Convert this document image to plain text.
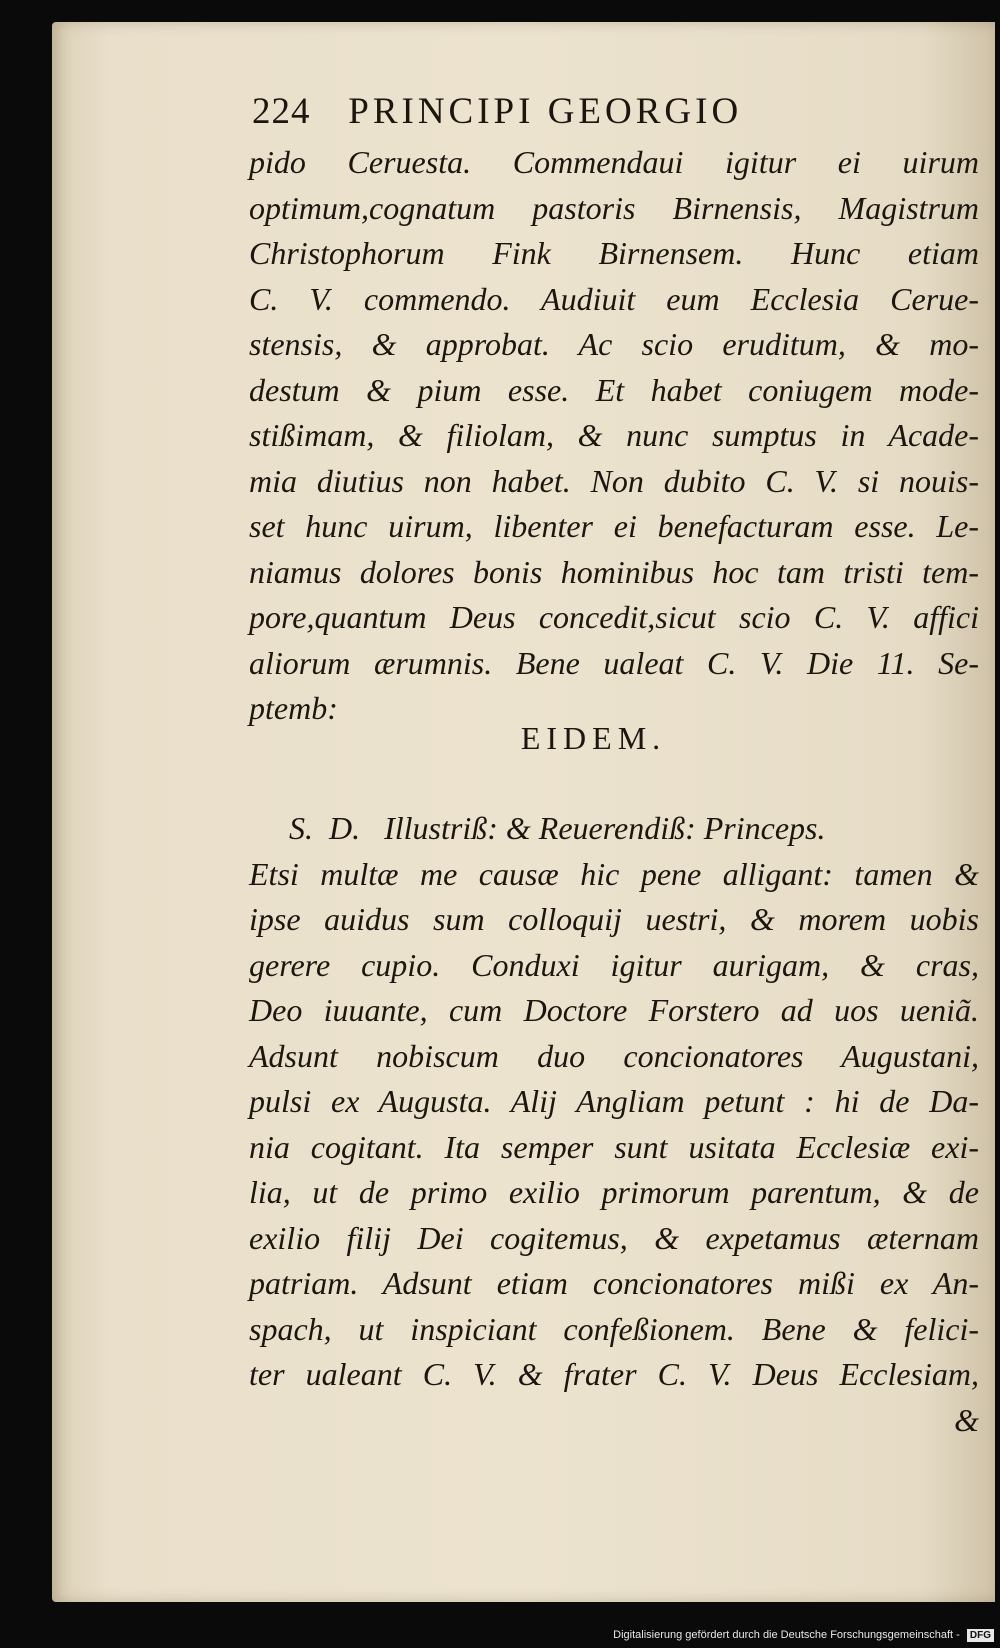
224 PRINCIPI GEORGIO
pido Ceruesta. Commendaui igitur ei uirum
optimum,cognatum pastoris Birnensis, Magistrum
Christophorum Fink Birnensem. Hunc etiam
C. V. commendo. Audiuit eum Ecclesia Cerue-
stensis, & approbat. Ac scio eruditum, & mo-
destum & pium esse. Et habet coniugem mode-
stißimam, & filiolam, & nunc sumptus in Acade-
mia diutius non habet. Non dubito C. V. si nouis-
set hunc uirum, libenter ei benefacturam esse. Le-
niamus dolores bonis hominibus hoc tam tristi tem-
pore,quantum Deus concedit,sicut scio C. V. affici
aliorum ærumnis. Bene ualeat C. V. Die 11. Se-
ptemb:
EIDEM.
S.  D.   Illustriß: & Reuerendiß: Princeps.
Etsi multæ me causæ hic pene alligant: tamen &
ipse auidus sum colloquij uestri, & morem uobis
gerere cupio. Conduxi igitur aurigam, & cras,
Deo iuuante, cum Doctore Forstero ad uos ueniã.
Adsunt nobiscum duo concionatores Augustani,
pulsi ex Augusta. Alij Angliam petunt : hi de Da-
nia cogitant. Ita semper sunt usitata Ecclesiæ exi-
lia, ut de primo exilio primorum parentum, & de
exilio filij Dei cogitemus, & expetamus æternam
patriam. Adsunt etiam concionatores mißi ex An-
spach, ut inspiciant confeßionem. Bene & felici-
ter ualeant C. V. & frater C. V. Deus Ecclesiam,
&
Digitalisierung gefördert durch die Deutsche Forschungsgemeinschaft - DFG
